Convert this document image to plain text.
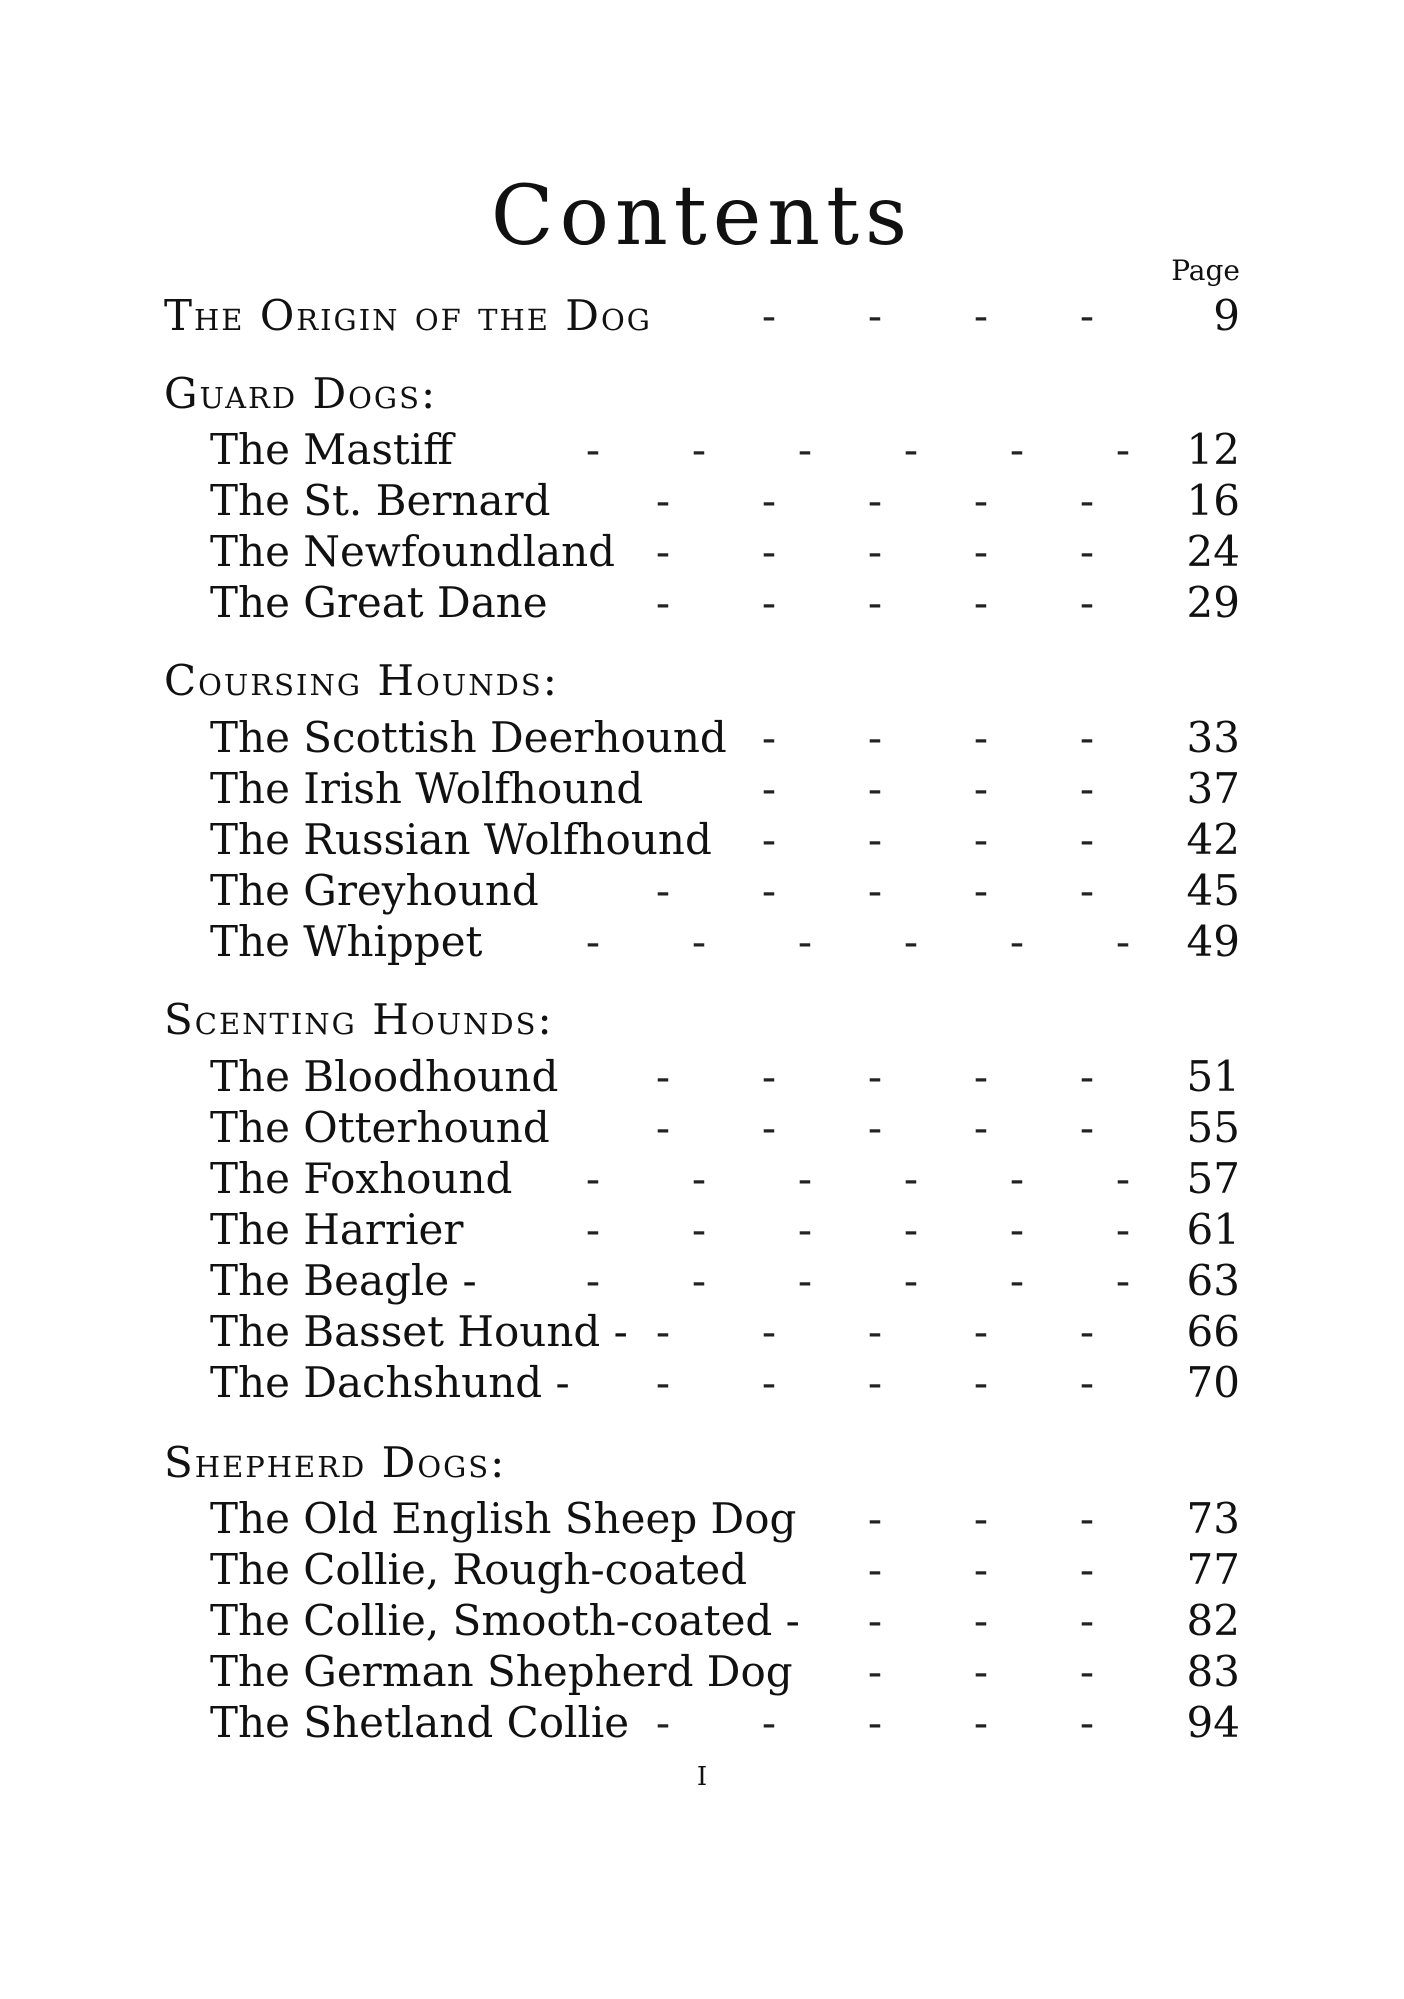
Contents
Page
The Origin of the Dog	- - - -	9
Guard Dogs:
The Mastiff	- - - - - -	12
The St. Bernard	- - - - -	16
The Newfoundland - - - - -	24
The Great Dane	- - - - -	29
Coursing Hounds:
The Scottish Deerhound - - - -	33
The Irish Wolfhound	- - - -	37
The Russian Wolfhound	- - - -	42
The Greyhound	- - - - -	45
The Whippet	- - - - - -	49
Scenting Hounds:
The Bloodhound	- - - - -	51
The Otterhound	- - - - -	55
The Foxhound	- - - - - -	57
The Harrier	- - - - - -	61
The Beagle -	- - - - - -	63
The Basset Hound - - - - - -	66
The Dachshund -	- - - - -	70
Shepherd Dogs:
The Old English Sheep Dog	- - -	73
The Collie, Rough-coated	- - -	77
The Collie, Smooth-coated -	- - -	82
The German Shepherd Dog	- - -	83
The Shetland Collie - - - - -	94
I
